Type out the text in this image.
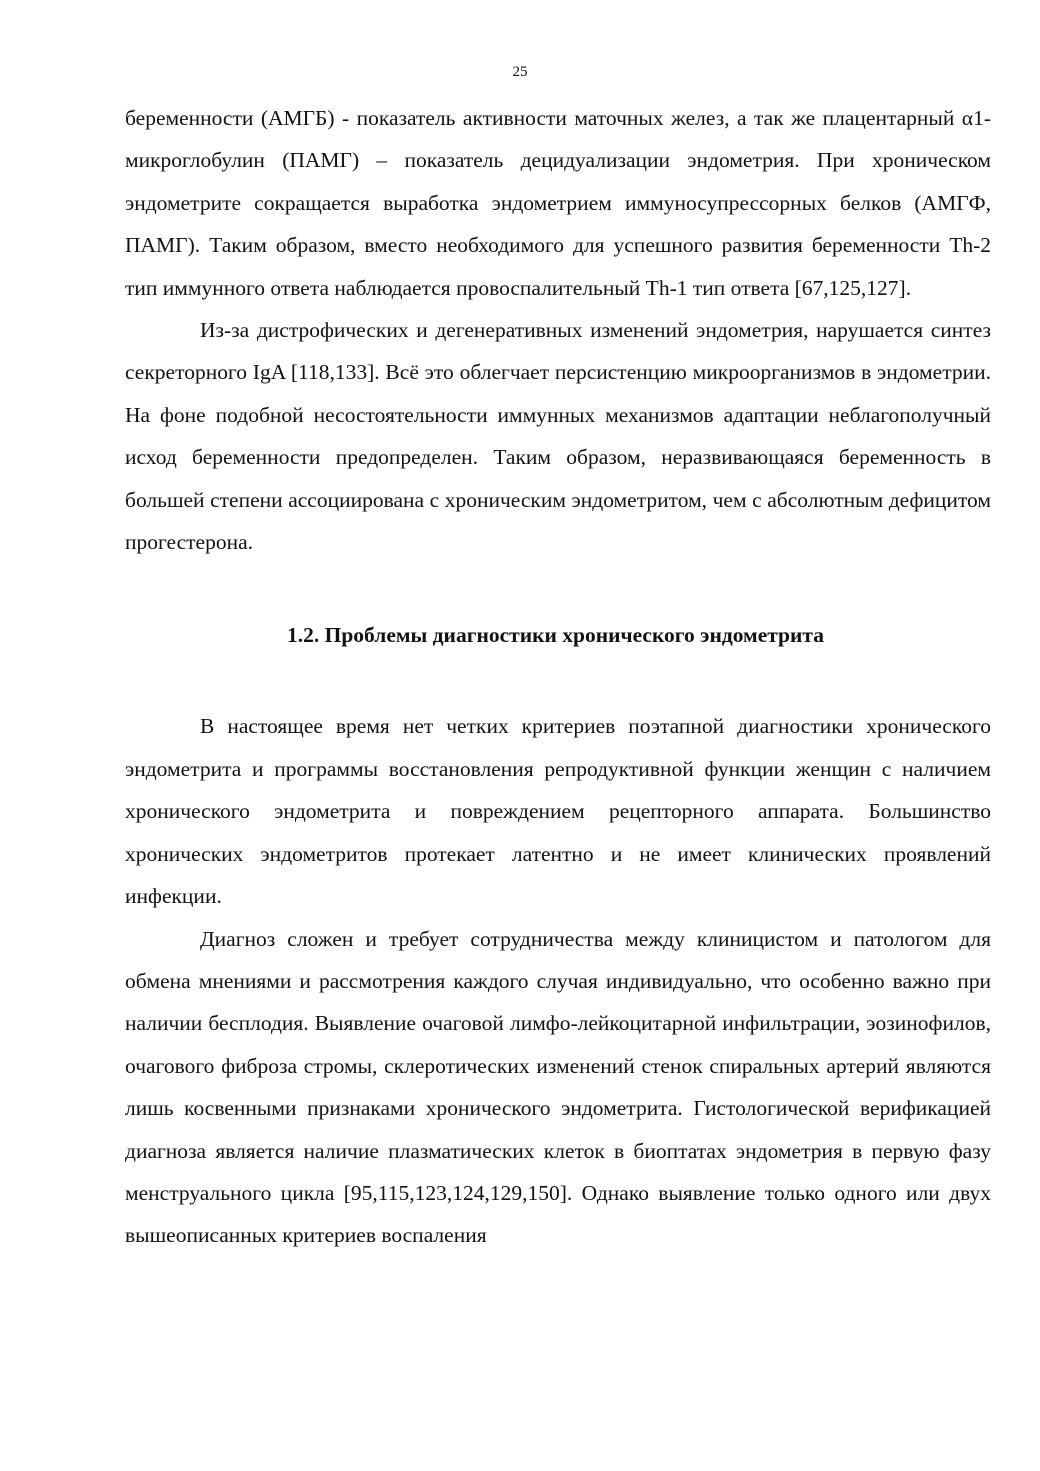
25

беременности (АМГБ) - показатель активности маточных желез, а так же плацентарный α1-микроглобулин (ПАМГ) – показатель децидуализации эндометрия. При хроническом эндометрите сокращается выработка эндометрием иммуносупрессорных белков (АМГФ, ПАМГ). Таким образом, вместо необходимого для успешного развития беременности Th-2 тип иммунного ответа наблюдается провоспалительный Th-1 тип ответа [67,125,127].

Из-за дистрофических и дегенеративных изменений эндометрия, нарушается синтез секреторного IgA [118,133]. Всё это облегчает персистенцию микроорганизмов в эндометрии. На фоне подобной несостоятельности иммунных механизмов адаптации неблагополучный исход беременности предопределен. Таким образом, неразвивающаяся беременность в большей степени ассоциирована с хроническим эндометритом, чем с абсолютным дефицитом прогестерона.

1.2. Проблемы диагностики хронического эндометрита

В настоящее время нет четких критериев поэтапной диагностики хронического эндометрита и программы восстановления репродуктивной функции женщин с наличием хронического эндометрита и повреждением рецепторного аппарата. Большинство хронических эндометритов протекает латентно и не имеет клинических проявлений инфекции.

Диагноз сложен и требует сотрудничества между клиницистом и патологом для обмена мнениями и рассмотрения каждого случая индивидуально, что особенно важно при наличии бесплодия. Выявление очаговой лимфо-лейкоцитарной инфильтрации, эозинофилов, очагового фиброза стромы, склеротических изменений стенок спиральных артерий являются лишь косвенными признаками хронического эндометрита. Гистологической верификацией диагноза является наличие плазматических клеток в биоптатах эндометрия в первую фазу менструального цикла [95,115,123,124,129,150]. Однако выявление только одного или двух вышеописанных критериев воспаления
